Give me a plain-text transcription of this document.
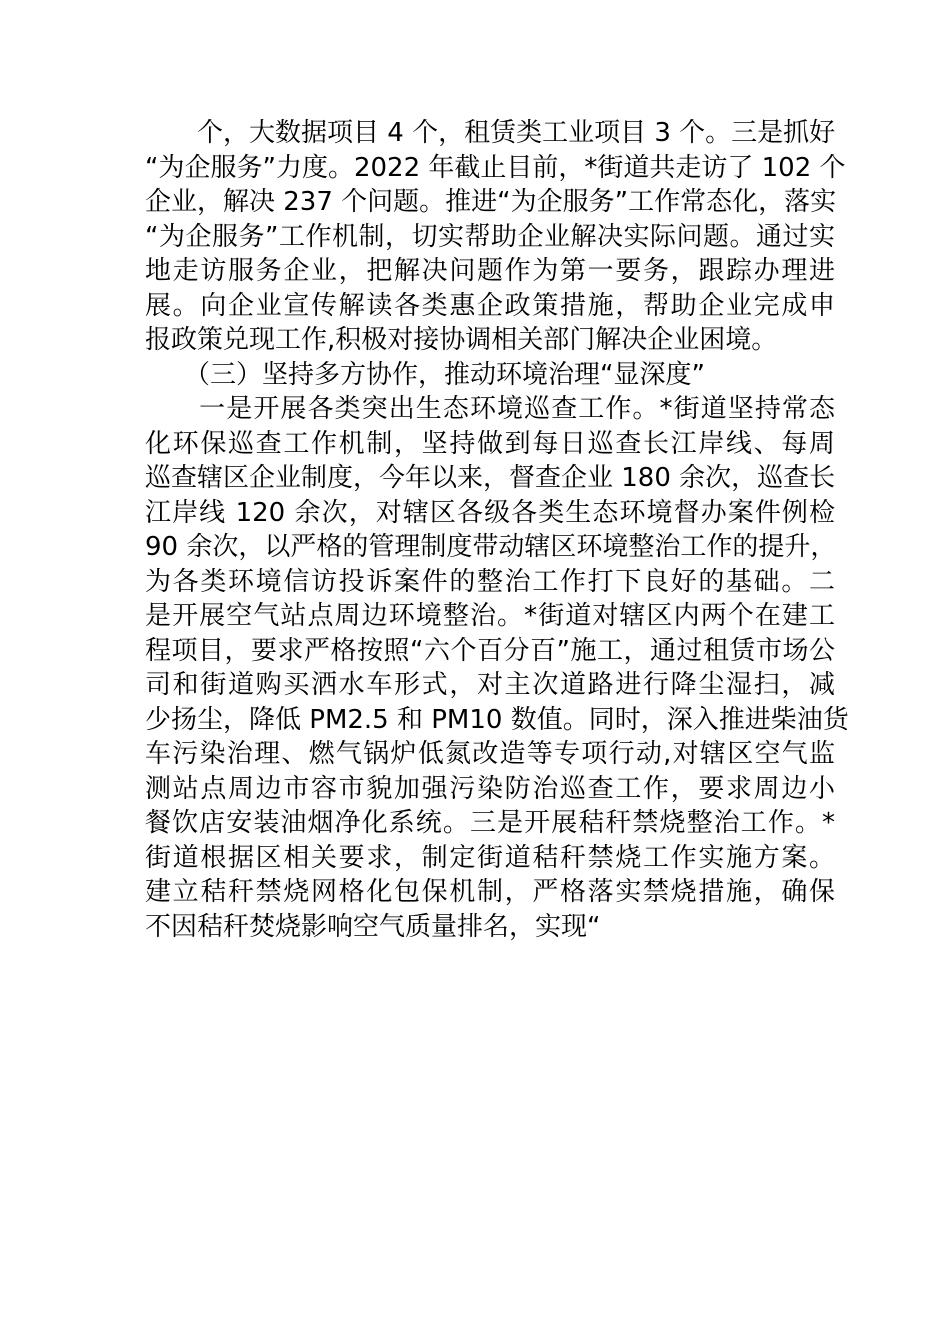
　　个，大数据项目 4 个，租赁类工业项目 3 个。三是抓好
“为企服务”力度。2022 年截止目前，*街道共走访了 102 个
企业，解决 237 个问题。推进“为企服务”工作常态化，落实
“为企服务”工作机制，切实帮助企业解决实际问题。通过实
地走访服务企业，把解决问题作为第一要务，跟踪办理进
展。向企业宣传解读各类惠企政策措施，帮助企业完成申
报政策兑现工作,积极对接协调相关部门解决企业困境。
　　（三）坚持多方协作，推动环境治理“显深度”
　　一是开展各类突出生态环境巡查工作。*街道坚持常态
化环保巡查工作机制，坚持做到每日巡查长江岸线、每周
巡查辖区企业制度，今年以来，督查企业 180 余次，巡查长
江岸线 120 余次，对辖区各级各类生态环境督办案件例检
90 余次，以严格的管理制度带动辖区环境整治工作的提升，
为各类环境信访投诉案件的整治工作打下良好的基础。二
是开展空气站点周边环境整治。*街道对辖区内两个在建工
程项目，要求严格按照“六个百分百”施工，通过租赁市场公
司和街道购买洒水车形式，对主次道路进行降尘湿扫，减
少扬尘，降低 PM2.5 和 PM10 数值。同时，深入推进柴油货
车污染治理、燃气锅炉低氮改造等专项行动,对辖区空气监
测站点周边市容市貌加强污染防治巡查工作，要求周边小
餐饮店安装油烟净化系统。三是开展秸秆禁烧整治工作。*
街道根据区相关要求，制定街道秸秆禁烧工作实施方案。
建立秸秆禁烧网格化包保机制，严格落实禁烧措施，确保
不因秸秆焚烧影响空气质量排名，实现“
